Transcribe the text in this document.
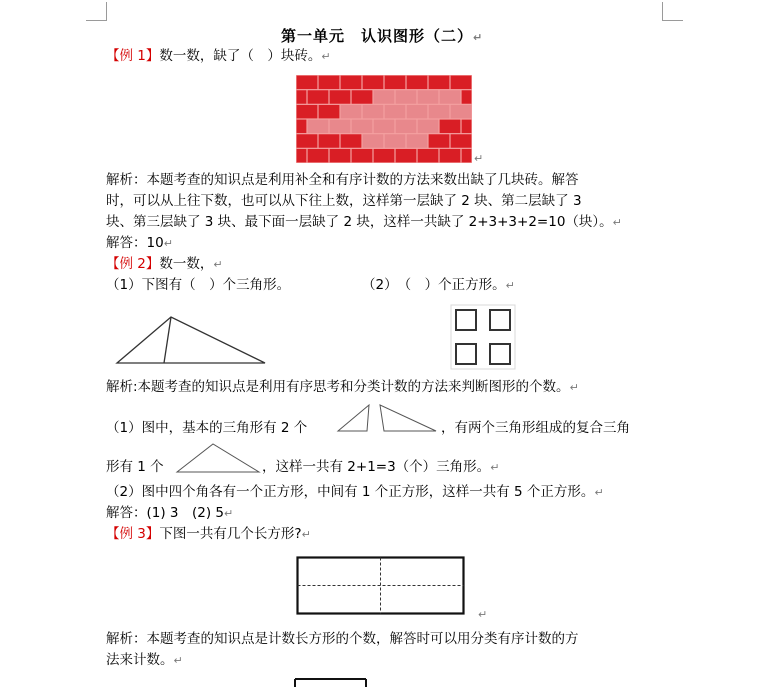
第一单元　认识图形（二）↵
【例 1】数一数，缺了（　）块砖。↵
↵
解析：本题考查的知识点是利用补全和有序计数的方法来数出缺了几块砖。解答
时，可以从上往下数，也可以从下往上数，这样第一层缺了 2 块、第二层缺了 3
块、第三层缺了 3 块、最下面一层缺了 2 块，这样一共缺了 2+3+3+2=10（块）。↵
解答：10↵
【例 2】数一数，↵
（1）下图有（　）个三角形。	（2）　（　）个正方形。↵
解析:本题考查的知识点是利用有序思考和分类计数的方法来判断图形的个数。↵
（1）图中，基本的三角形有 2 个	，有两个三角形组成的复合三角
形有 1 个	，这样一共有 2+1=3（个）三角形。↵
（2）图中四个角各有一个正方形，中间有 1 个正方形，这样一共有 5 个正方形。↵
解答：(1) 3　(2) 5↵
【例 3】下图一共有几个长方形?↵
↵
解析：本题考查的知识点是计数长方形的个数，解答时可以用分类有序计数的方
法来计数。↵
